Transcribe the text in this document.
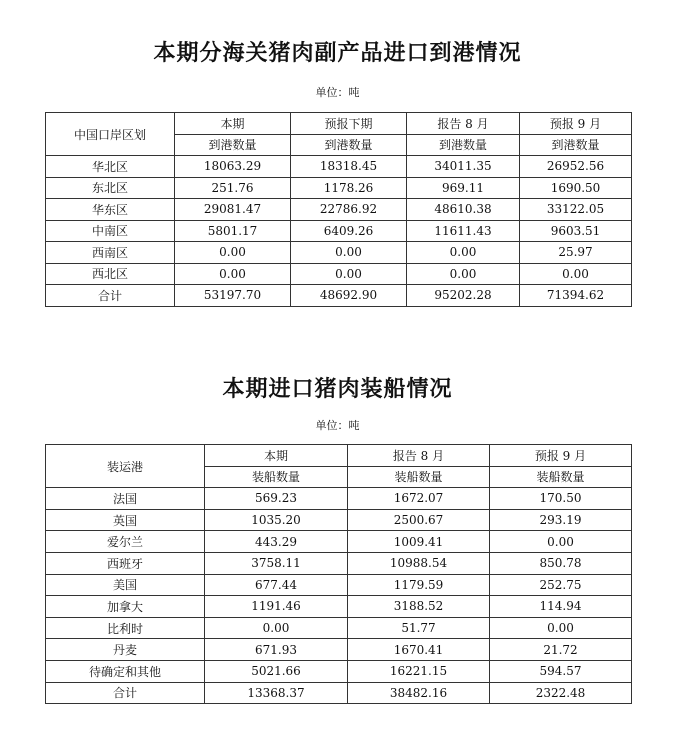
本期分海关猪肉副产品进口到港情况
单位：吨
中国口岸区划	本期	预报下期	报告 8 月	预报 9 月
	到港数量	到港数量	到港数量	到港数量
华北区	18063.29	18318.45	34011.35	26952.56
东北区	251.76	1178.26	969.11	1690.50
华东区	29081.47	22786.92	48610.38	33122.05
中南区	5801.17	6409.26	11611.43	9603.51
西南区	0.00	0.00	0.00	25.97
西北区	0.00	0.00	0.00	0.00
合计	53197.70	48692.90	95202.28	71394.62
本期进口猪肉装船情况
单位：吨
装运港	本期	报告 8 月	预报 9 月
	装船数量	装船数量	装船数量
法国	569.23	1672.07	170.50
英国	1035.20	2500.67	293.19
爱尔兰	443.29	1009.41	0.00
西班牙	3758.11	10988.54	850.78
美国	677.44	1179.59	252.75
加拿大	1191.46	3188.52	114.94
比利时	0.00	51.77	0.00
丹麦	671.93	1670.41	21.72
待确定和其他	5021.66	16221.15	594.57
合计	13368.37	38482.16	2322.48
